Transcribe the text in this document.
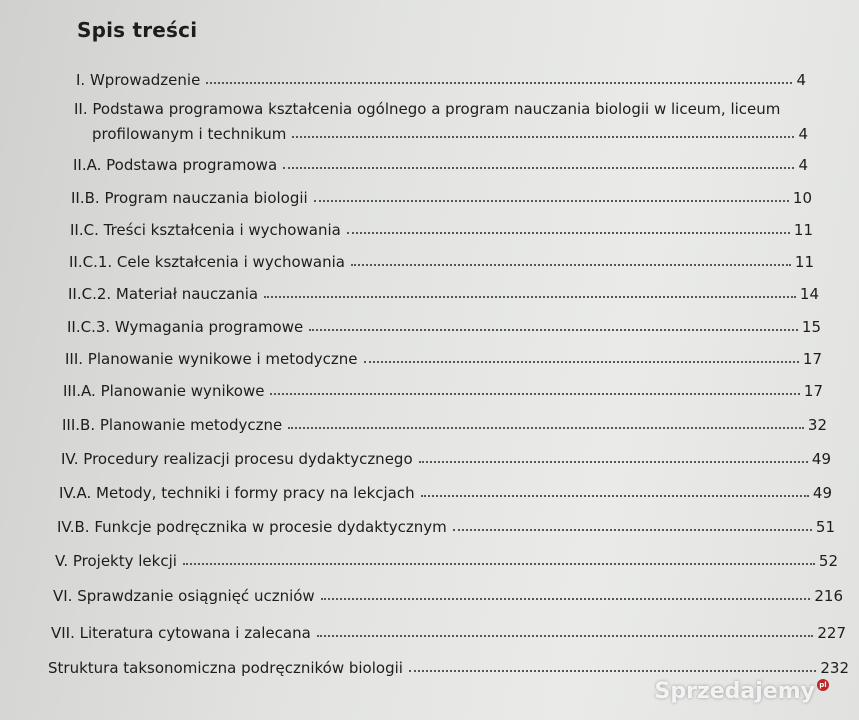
Spis treści
I. Wprowadzenie	4
II. Podstawa programowa kształcenia ogólnego a program nauczania biologii w liceum, liceum
profilowanym i technikum	4
II.A. Podstawa programowa	4
II.B. Program nauczania biologii	10
II.C. Treści kształcenia i wychowania	11
II.C.1. Cele kształcenia i wychowania	11
II.C.2. Materiał nauczania	14
II.C.3. Wymagania programowe	15
III. Planowanie wynikowe i metodyczne	17
III.A. Planowanie wynikowe	17
III.B. Planowanie metodyczne	32
IV. Procedury realizacji procesu dydaktycznego	49
IV.A. Metody, techniki i formy pracy na lekcjach	49
IV.B. Funkcje podręcznika w procesie dydaktycznym	51
V. Projekty lekcji	52
VI. Sprawdzanie osiągnięć uczniów	216
VII. Literatura cytowana i zalecana	227
Struktura taksonomiczna podręczników biologii	232
Sprzedajemy pl
